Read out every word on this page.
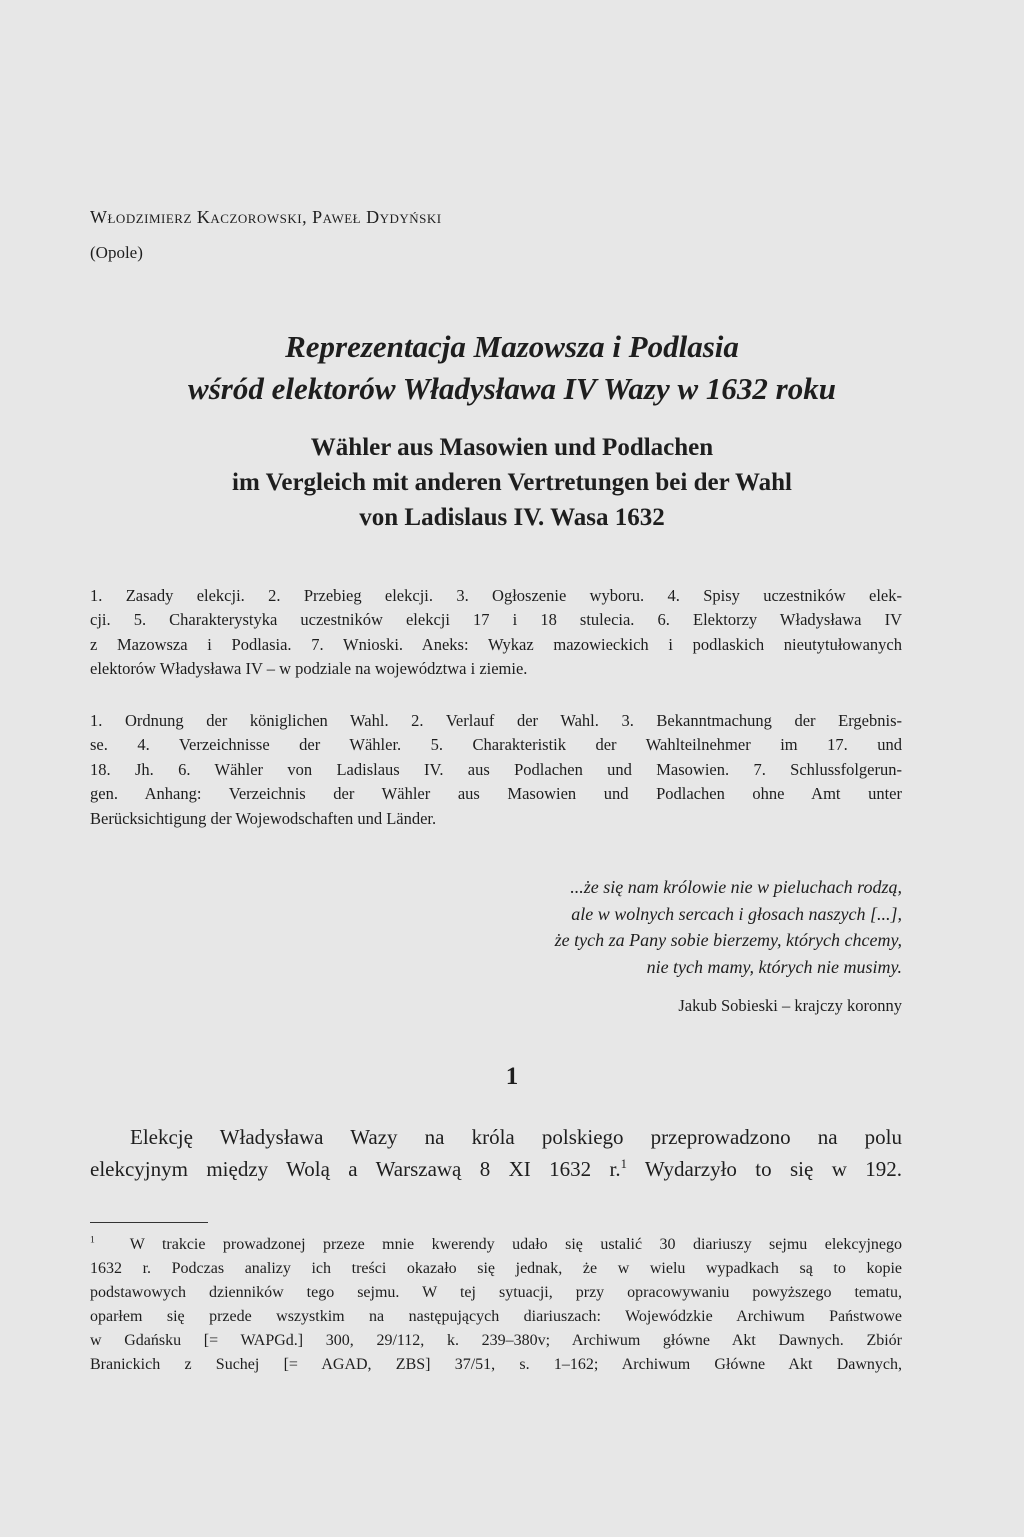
Włodzimierz Kaczorowski, Paweł Dydyński
(Opole)
Reprezentacja Mazowsza i Podlasia
wśród elektorów Władysława IV Wazy w 1632 roku
Wähler aus Masowien und Podlachen
im Vergleich mit anderen Vertretungen bei der Wahl
von Ladislaus IV. Wasa 1632
1. Zasady elekcji. 2. Przebieg elekcji. 3. Ogłoszenie wyboru. 4. Spisy uczestników elek-
cji. 5. Charakterystyka uczestników elekcji 17 i 18 stulecia. 6. Elektorzy Władysława IV
z Mazowsza i Podlasia. 7. Wnioski. Aneks: Wykaz mazowieckich i podlaskich nieutytułowanych
elektorów Władysława IV – w podziale na województwa i ziemie.
1. Ordnung der königlichen Wahl. 2. Verlauf der Wahl. 3. Bekanntmachung der Ergebnis-
se. 4. Verzeichnisse der Wähler. 5. Charakteristik der Wahlteilnehmer im 17. und
18. Jh. 6. Wähler von Ladislaus IV. aus Podlachen und Masowien. 7. Schlussfolgerun-
gen. Anhang: Verzeichnis der Wähler aus Masowien und Podlachen ohne Amt unter
Berücksichtigung der Wojewodschaften und Länder.
...że się nam królowie nie w pieluchach rodzą,
ale w wolnych sercach i głosach naszych [...],
że tych za Pany sobie bierzemy, których chcemy,
nie tych mamy, których nie musimy.
Jakub Sobieski – krajczy koronny
1
Elekcję Władysława Wazy na króla polskiego przeprowadzono na polu
elekcyjnym między Wolą a Warszawą 8 XI 1632 r.$^1$ Wydarzyło to się w 192.
$^1$ W trakcie prowadzonej przeze mnie kwerendy udało się ustalić 30 diariuszy sejmu elekcyjnego
1632 r. Podczas analizy ich treści okazało się jednak, że w wielu wypadkach są to kopie
podstawowych dzienników tego sejmu. W tej sytuacji, przy opracowywaniu powyższego tematu,
oparłem się przede wszystkim na następujących diariuszach: Wojewódzkie Archiwum Państwowe
w Gdańsku [= WAPGd.] 300, 29/112, k. 239–380v; Archiwum główne Akt Dawnych. Zbiór
Branickich z Suchej [= AGAD, ZBS] 37/51, s. 1–162; Archiwum Główne Akt Dawnych,
